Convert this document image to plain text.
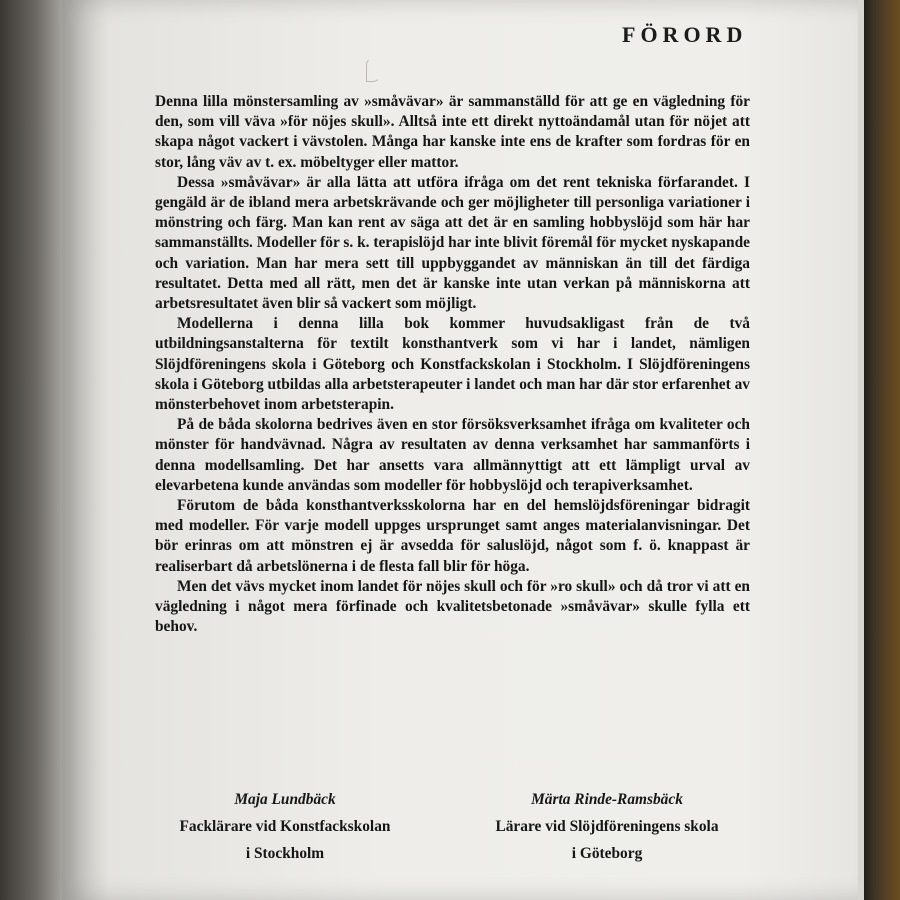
FÖRORD

Denna lilla mönstersamling av »småvävar» är sammanställd för att ge en vägledning för den, som vill väva »för nöjes skull». Alltså inte ett direkt nyttoändamål utan för nöjet att skapa något vackert i vävstolen. Många har kanske inte ens de krafter som fordras för en stor, lång väv av t. ex. möbeltyger eller mattor.

Dessa »småvävar» är alla lätta att utföra ifråga om det rent tekniska förfarandet. I gengäld är de ibland mera arbetskrävande och ger möjligheter till personliga variationer i mönstring och färg. Man kan rent av säga att det är en samling hobbyslöjd som här har sammanställts. Modeller för s. k. terapislöjd har inte blivit föremål för mycket nyskapande och variation. Man har mera sett till uppbyggandet av människan än till det färdiga resultatet. Detta med all rätt, men det är kanske inte utan verkan på människorna att arbetsresultatet även blir så vackert som möjligt.

Modellerna i denna lilla bok kommer huvudsakligast från de två utbildningsanstalterna för textilt konsthantverk som vi har i landet, nämligen Slöjdföreningens skola i Göteborg och Konstfackskolan i Stockholm. I Slöjdföreningens skola i Göteborg utbildas alla arbetsterapeuter i landet och man har där stor erfarenhet av mönsterbehovet inom arbetsterapin.

På de båda skolorna bedrives även en stor försöksverksamhet ifråga om kvaliteter och mönster för handvävnad. Några av resultaten av denna verksamhet har sammanförts i denna modellsamling. Det har ansetts vara allmännyttigt att ett lämpligt urval av elevarbetena kunde användas som modeller för hobbyslöjd och terapiverksamhet.

Förutom de båda konsthantverksskolorna har en del hemslöjdsföreningar bidragit med modeller. För varje modell uppges ursprunget samt anges materialanvisningar. Det bör erinras om att mönstren ej är avsedda för saluslöjd, något som f. ö. knappast är realiserbart då arbetslönerna i de flesta fall blir för höga.

Men det vävs mycket inom landet för nöjes skull och för »ro skull» och då tror vi att en vägledning i något mera förfinade och kvalitetsbetonade »småvävar» skulle fylla ett behov.

Maja Lundbäck
Facklärare vid Konstfackskolan
i Stockholm
Märta Rinde-Ramsbäck
Lärare vid Slöjdföreningens skola
i Göteborg
